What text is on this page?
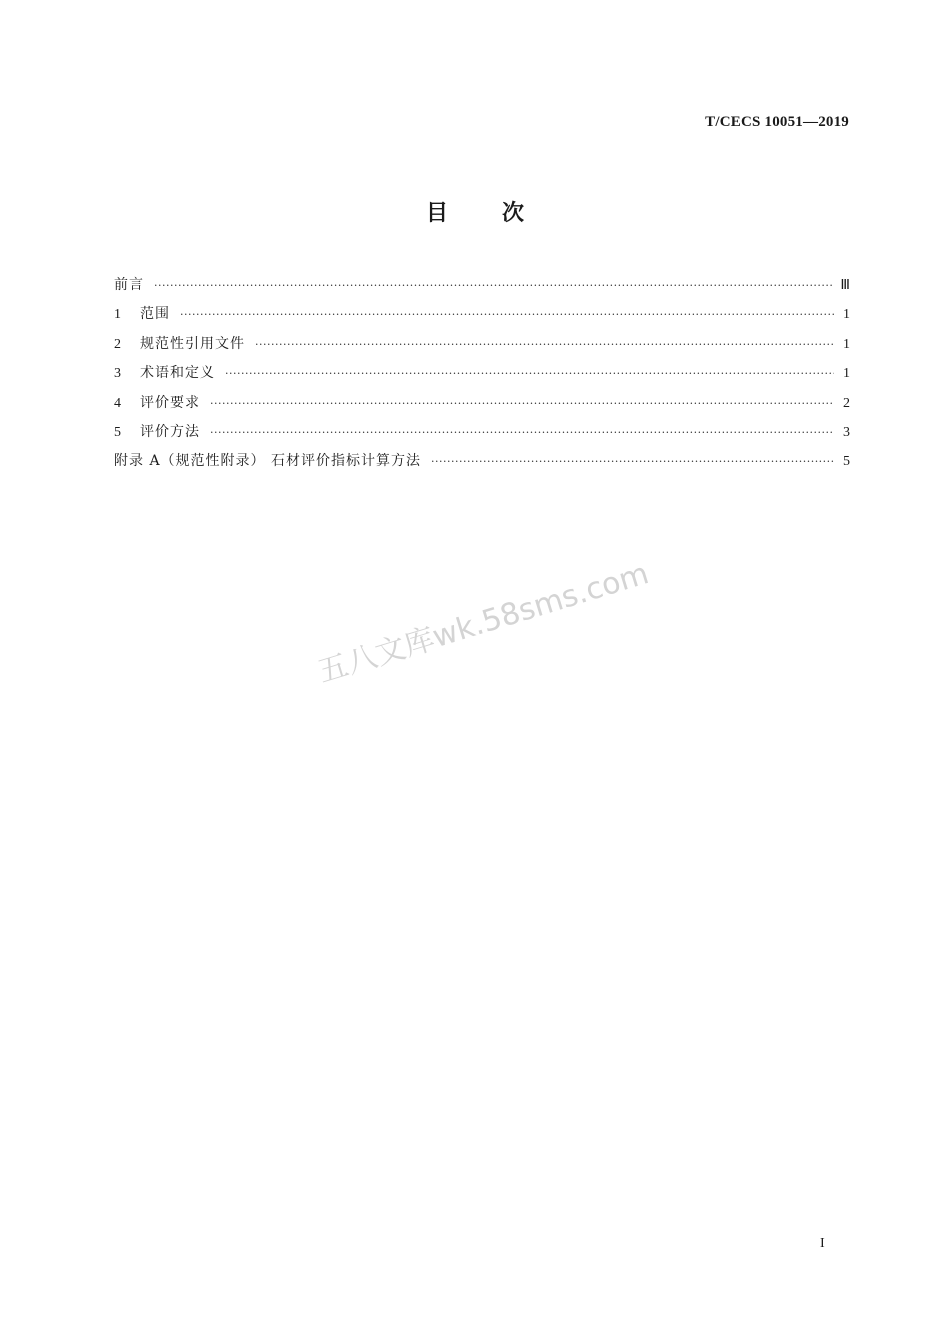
T/CECS 10051—2019
目次
前言 ·····	Ⅲ
1	范围 ·····	1
2	规范性引用文件 ·····	1
3	术语和定义 ·····	1
4	评价要求 ·····	2
5	评价方法 ·····	3
附录 A（规范性附录） 石材评价指标计算方法 ·····	5
五八文库wk.58sms.com
I
